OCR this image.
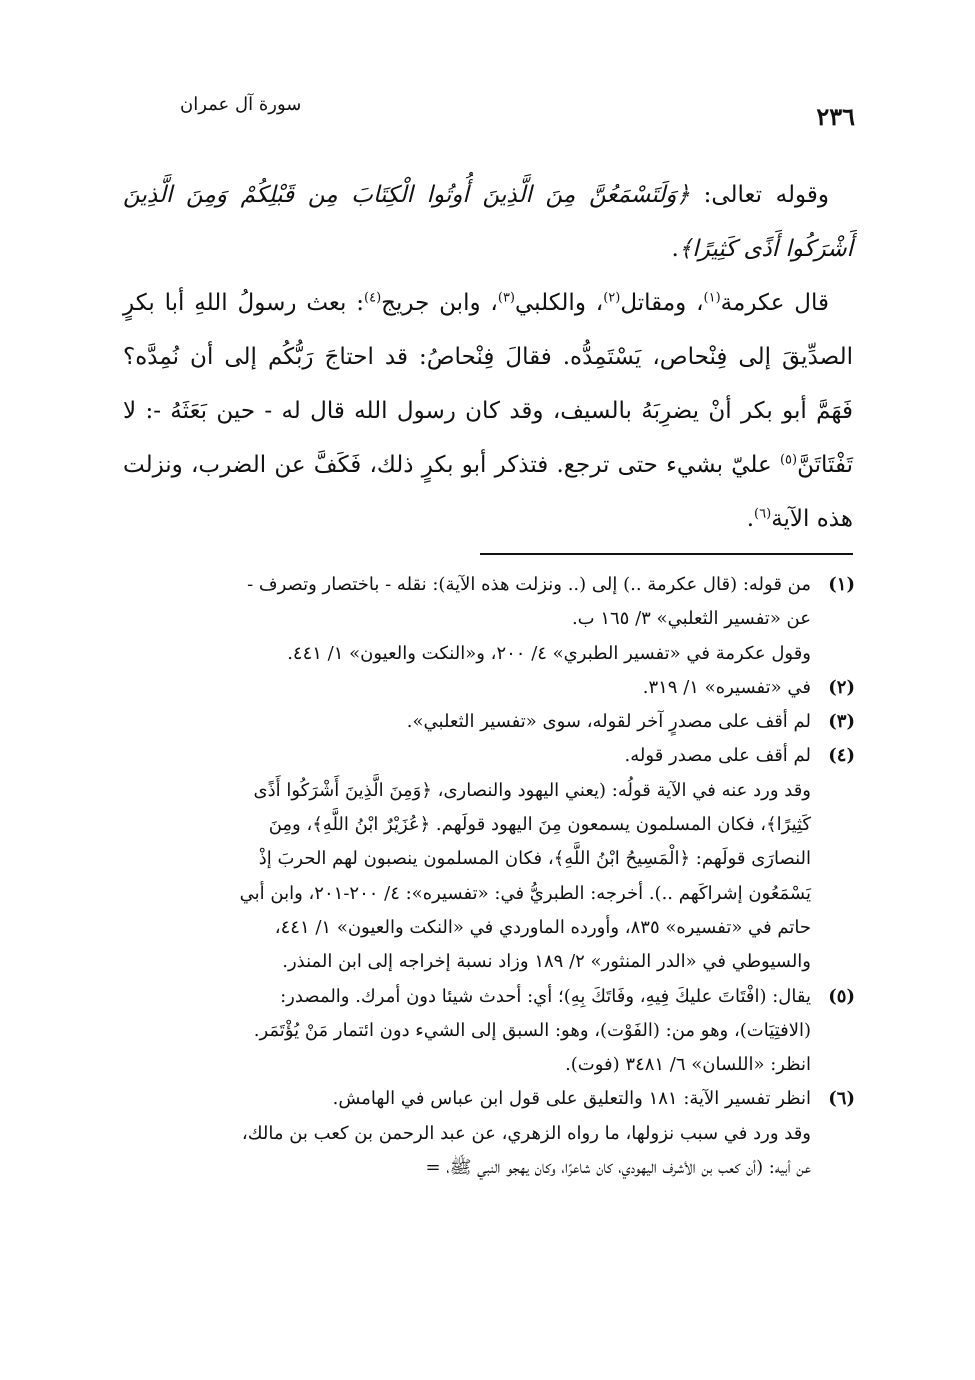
٢٣٦
سورة آل عمران

وقوله تعالى: ﴿وَلَتَسْمَعُنَّ مِنَ الَّذِينَ أُوتُوا الْكِتَابَ مِن قَبْلِكُمْ وَمِنَ الَّذِينَ أَشْرَكُوا أَذًى كَثِيرًا﴾.

قال عكرمة$^{(١)}$، ومقاتل$^{(٢)}$، والكلبي$^{(٣)}$، وابن جريج$^{(٤)}$: بعث رسولُ اللهِ أبا بكرٍ الصدِّيقَ إلى فِنْحاص، يَسْتَمِدُّه. فقالَ فِنْحاصُ: قد احتاجَ رَبُّكُم إلى أن نُمِدَّه؟ فَهَمَّ أبو بكر أنْ يضرِبَهُ بالسيف، وقد كان رسول الله قال له - حين بَعَثَهُ -: لا تَفْتَاتَنَّ$^{(٥)}$ عليّ بشيء حتى ترجع. فتذكر أبو بكرٍ ذلك، فَكَفَّ عن الضرب، ونزلت هذه الآية$^{(٦)}$.

(١)
من قوله: (قال عكرمة ..) إلى (.. ونزلت هذه الآية): نقله - باختصار وتصرف -
عن «تفسير الثعلبي» ٣/ ١٦٥ ب.
وقول عكرمة في «تفسير الطبري» ٤/ ٢٠٠، و«النكت والعيون» ١/ ٤٤١.
(٢)
في «تفسيره» ١/ ٣١٩.
(٣)
لم أقف على مصدرٍ آخر لقوله، سوى «تفسير الثعلبي».
(٤)
لم أقف على مصدر قوله.
وقد ورد عنه في الآية قولُه: (يعني اليهود والنصارى، ﴿وَمِنَ الَّذِينَ أَشْرَكُوا أَذًى
كَثِيرًا﴾، فكان المسلمون يسمعون مِنَ اليهود قولَهم. ﴿عُزَيْرٌ ابْنُ اللَّهِ﴾، ومِنَ
النصارَى قولَهم: ﴿الْمَسِيحُ ابْنُ اللَّهِ﴾، فكان المسلمون ينصبون لهم الحربَ إذْ
يَسْمَعُون إشراكَهم ..). أخرجه: الطبريُّ في: «تفسيره»: ٤/ ٢٠٠-٢٠١، وابن أبي
حاتم في «تفسيره» ٨٣٥، وأورده الماوردي في «النكت والعيون» ١/ ٤٤١،
والسيوطي في «الدر المنثور» ٢/ ١٨٩ وزاد نسبة إخراجه إلى ابن المنذر.
(٥)
يقال: (افْتَاتَ عليكَ فِيهِ، وفَاتَكَ بِهِ)؛ أي: أحدث شيئا دون أمرك. والمصدر:
(الافتِيَات)، وهو من: (الفَوْت)، وهو: السبق إلى الشيء دون ائتمار مَنْ يُؤْتَمَر.
انظر: «اللسان» ٦/ ٣٤٨١ (فوت).
(٦)
انظر تفسير الآية: ١٨١ والتعليق على قول ابن عباس في الهامش.
وقد ورد في سبب نزولها، ما رواه الزهري، عن عبد الرحمن بن كعب بن مالك،
عن أبيه: (أن كعب بن الأشرف اليهودي، كان شاعرًا، وكان يهجو النبي ﷺ، =
